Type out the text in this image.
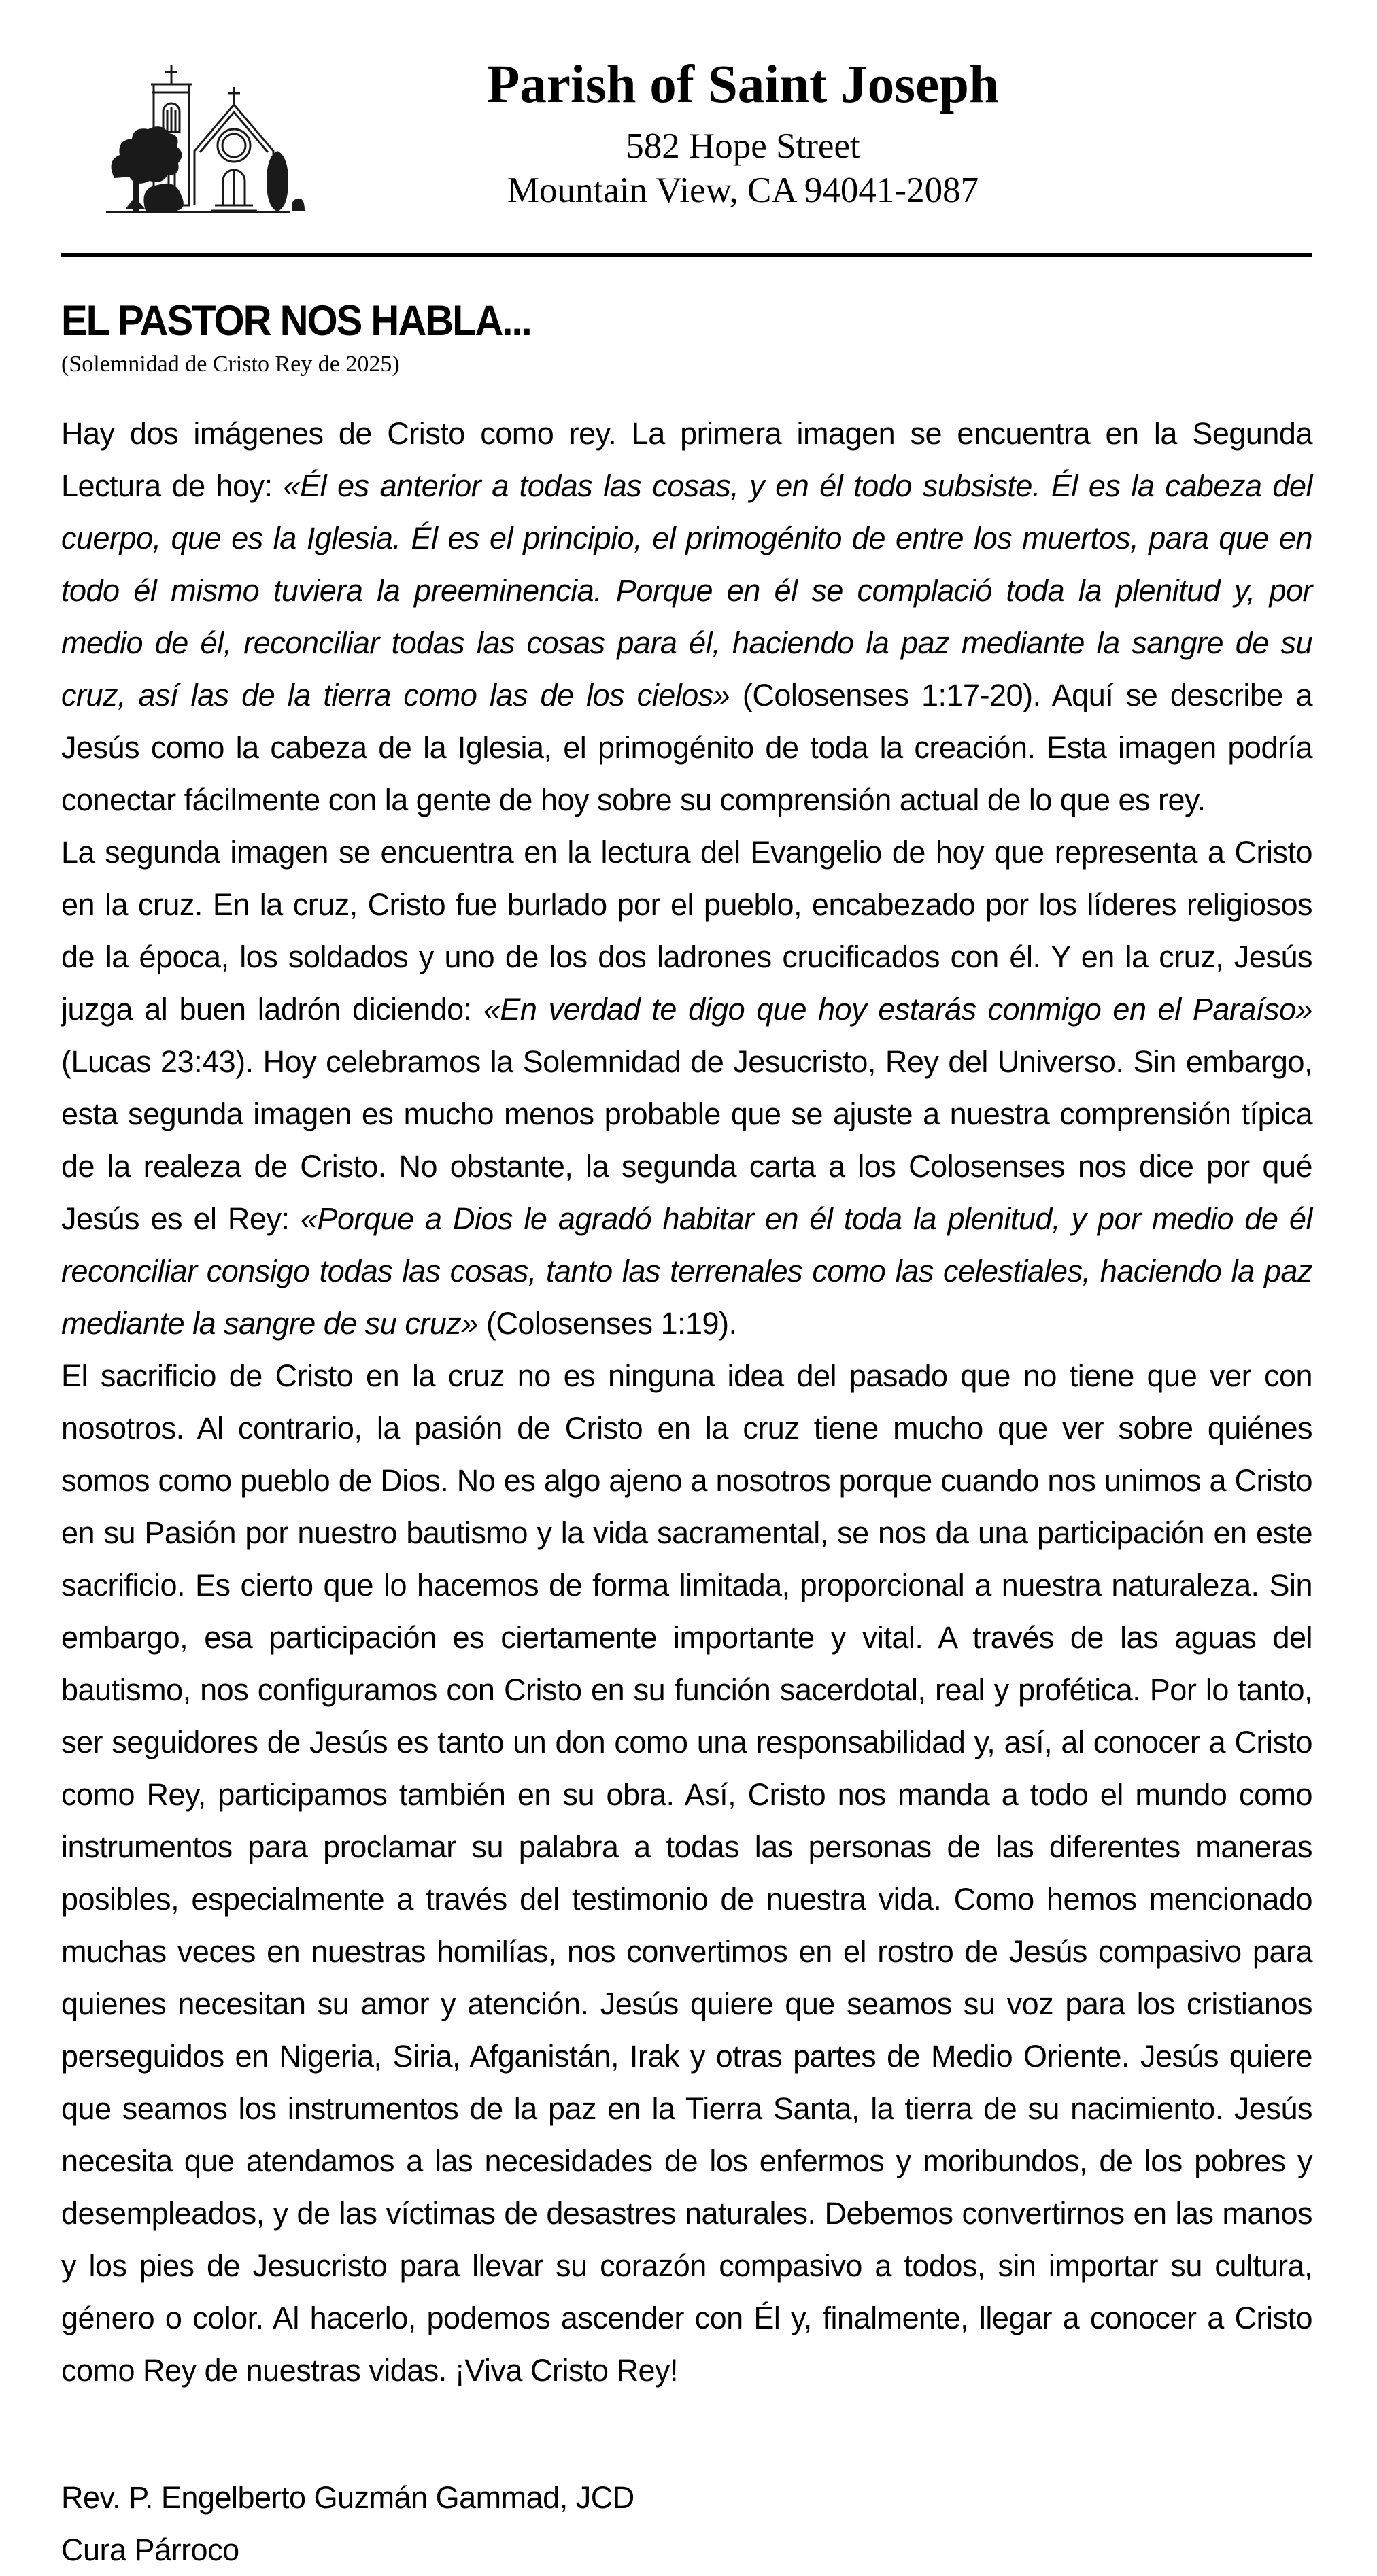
Parish of Saint Joseph
582 Hope Street
Mountain View, CA 94041-2087
EL PASTOR NOS HABLA...
(Solemnidad de Cristo Rey de 2025)

Hay dos imágenes de Cristo como rey. La primera imagen se encuentra en la Segunda Lectura de hoy: «Él es anterior a todas las cosas, y en él todo subsiste. Él es la cabeza del cuerpo, que es la Iglesia. Él es el principio, el primogénito de entre los muertos, para que en todo él mismo tuviera la preeminencia. Porque en él se complació toda la plenitud y, por medio de él, reconciliar todas las cosas para él, haciendo la paz mediante la sangre de su cruz, así las de la tierra como las de los cielos» (Colosenses 1:17-20). Aquí se describe a Jesús como la cabeza de la Iglesia, el primogénito de toda la creación. Esta imagen podría conectar fácilmente con la gente de hoy sobre su comprensión actual de lo que es rey.

La segunda imagen se encuentra en la lectura del Evangelio de hoy que representa a Cristo en la cruz. En la cruz, Cristo fue burlado por el pueblo, encabezado por los líderes religiosos de la época, los soldados y uno de los dos ladrones crucificados con él. Y en la cruz, Jesús juzga al buen ladrón diciendo: «En verdad te digo que hoy estarás conmigo en el Paraíso» (Lucas 23:43). Hoy celebramos la Solemnidad de Jesucristo, Rey del Universo. Sin embargo, esta segunda imagen es mucho menos probable que se ajuste a nuestra comprensión típica de la realeza de Cristo. No obstante, la segunda carta a los Colosenses nos dice por qué Jesús es el Rey: «Porque a Dios le agradó habitar en él toda la plenitud, y por medio de él reconciliar consigo todas las cosas, tanto las terrenales como las celestiales, haciendo la paz mediante la sangre de su cruz» (Colosenses 1:19).

El sacrificio de Cristo en la cruz no es ninguna idea del pasado que no tiene que ver con nosotros. Al contrario, la pasión de Cristo en la cruz tiene mucho que ver sobre quiénes somos como pueblo de Dios. No es algo ajeno a nosotros porque cuando nos unimos a Cristo en su Pasión por nuestro bautismo y la vida sacramental, se nos da una participación en este sacrificio. Es cierto que lo hacemos de forma limitada, proporcional a nuestra naturaleza. Sin embargo, esa participación es ciertamente importante y vital. A través de las aguas del bautismo, nos configuramos con Cristo en su función sacerdotal, real y profética. Por lo tanto, ser seguidores de Jesús es tanto un don como una responsabilidad y, así, al conocer a Cristo como Rey, participamos también en su obra. Así, Cristo nos manda a todo el mundo como instrumentos para proclamar su palabra a todas las personas de las diferentes maneras posibles, especialmente a través del testimonio de nuestra vida. Como hemos mencionado muchas veces en nuestras homilías, nos convertimos en el rostro de Jesús compasivo para quienes necesitan su amor y atención. Jesús quiere que seamos su voz para los cristianos perseguidos en Nigeria, Siria, Afganistán, Irak y otras partes de Medio Oriente. Jesús quiere que seamos los instrumentos de la paz en la Tierra Santa, la tierra de su nacimiento. Jesús necesita que atendamos a las necesidades de los enfermos y moribundos, de los pobres y desempleados, y de las víctimas de desastres naturales. Debemos convertirnos en las manos y los pies de Jesucristo para llevar su corazón compasivo a todos, sin importar su cultura, género o color. Al hacerlo, podemos ascender con Él y, finalmente, llegar a conocer a Cristo como Rey de nuestras vidas. ¡Viva Cristo Rey!

Rev. P. Engelberto Guzmán Gammad, JCD
Cura Párroco
